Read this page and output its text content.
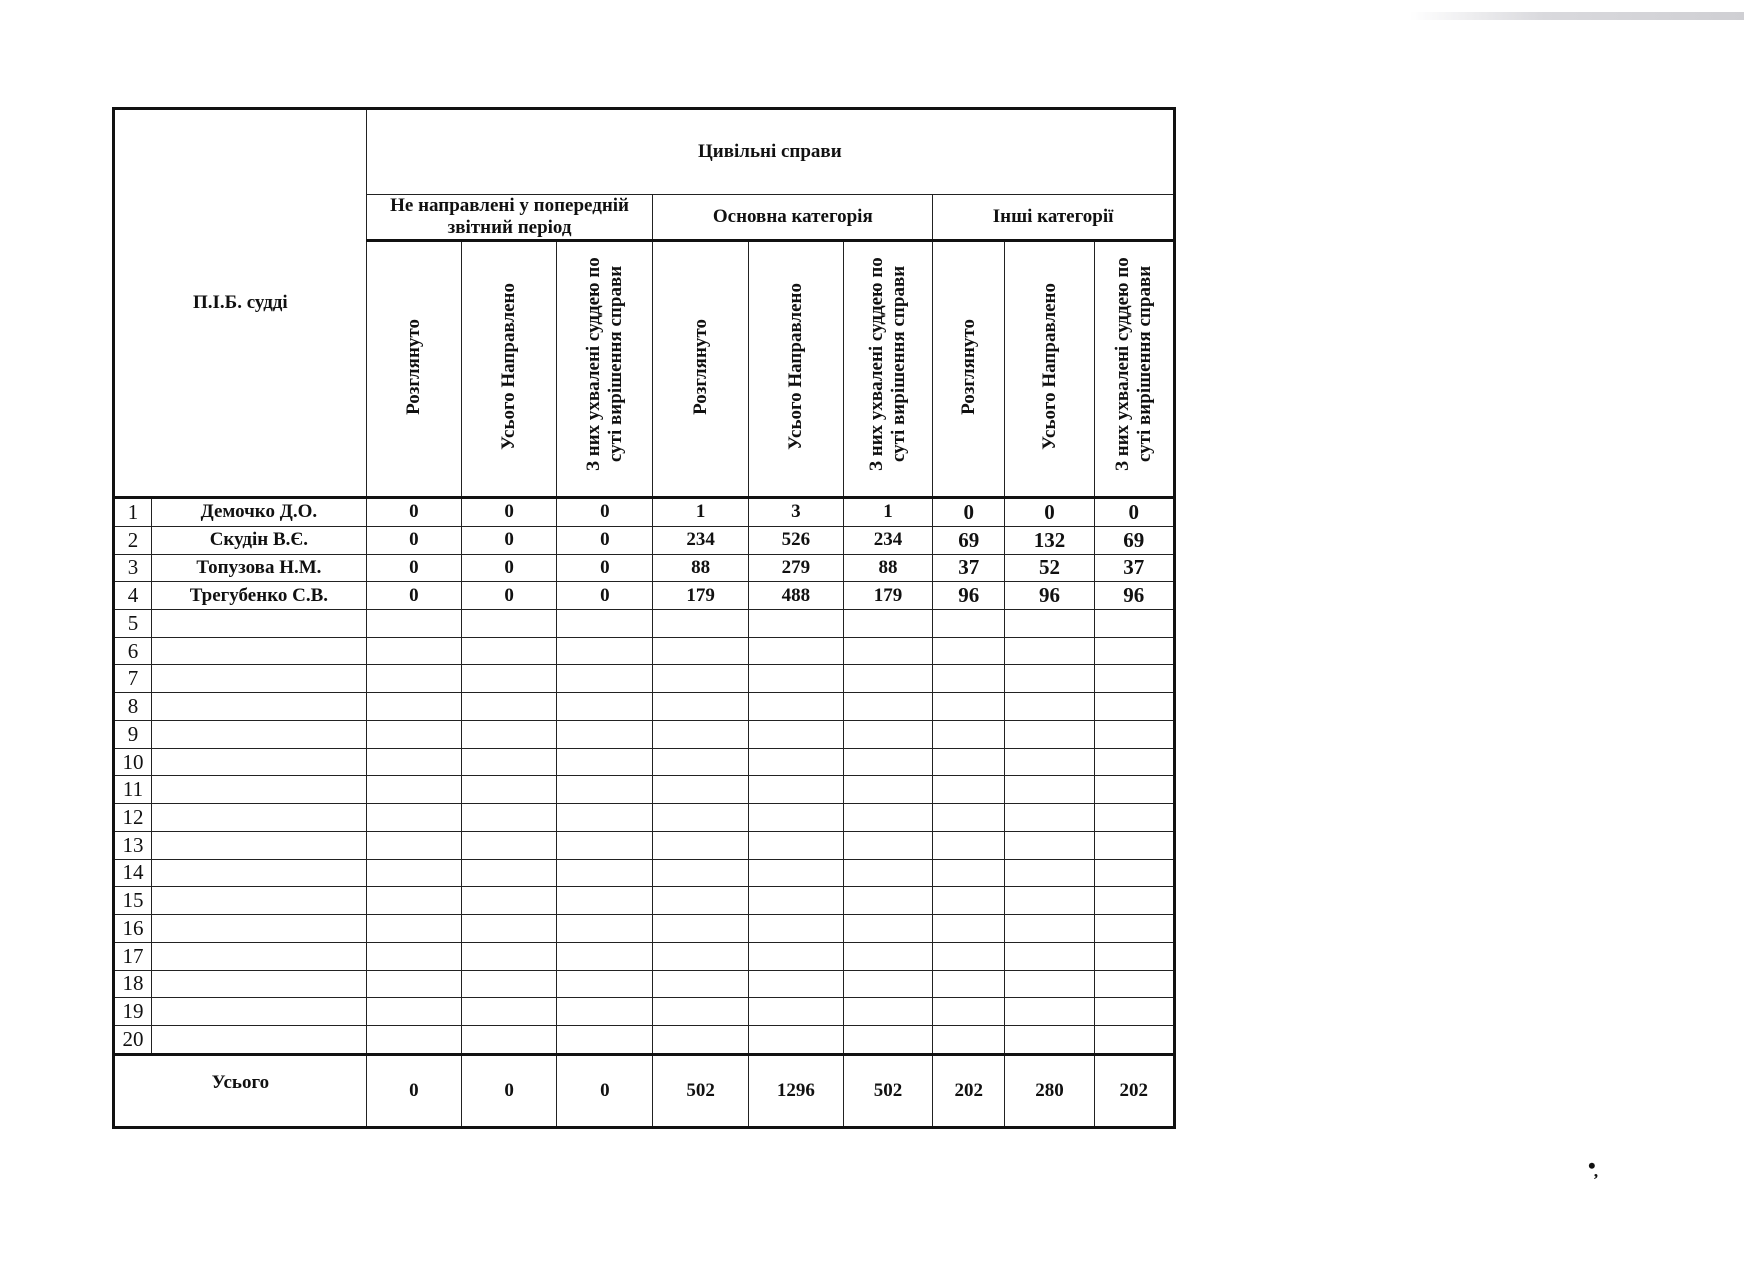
П.І.Б. судді		Цивільні справи								
		Не направлені у попередній звітний період			Основна категорія			Інші категорії		
		Розглянуто	Усього Направлено	З них ухвалені суддею по суті вирішення справи	Розглянуто	Усього Направлено	З них ухвалені суддею по суті вирішення справи	Розглянуто	Усього Направлено	З них ухвалені суддею по суті вирішення справи
1	Демочко Д.О.	0	0	0	1	3	1	0	0	0
2	Скудін В.Є.	0	0	0	234	526	234	69	132	69
3	Топузова Н.М.	0	0	0	88	279	88	37	52	37
4	Трегубенко С.В.	0	0	0	179	488	179	96	96	96
5										
6										
7										
8										
9										
10										
11										
12										
13										
14										
15										
16										
17										
18										
19										
20										
Усього		0	0	0	502	1296	502	202	280	202
•̦
